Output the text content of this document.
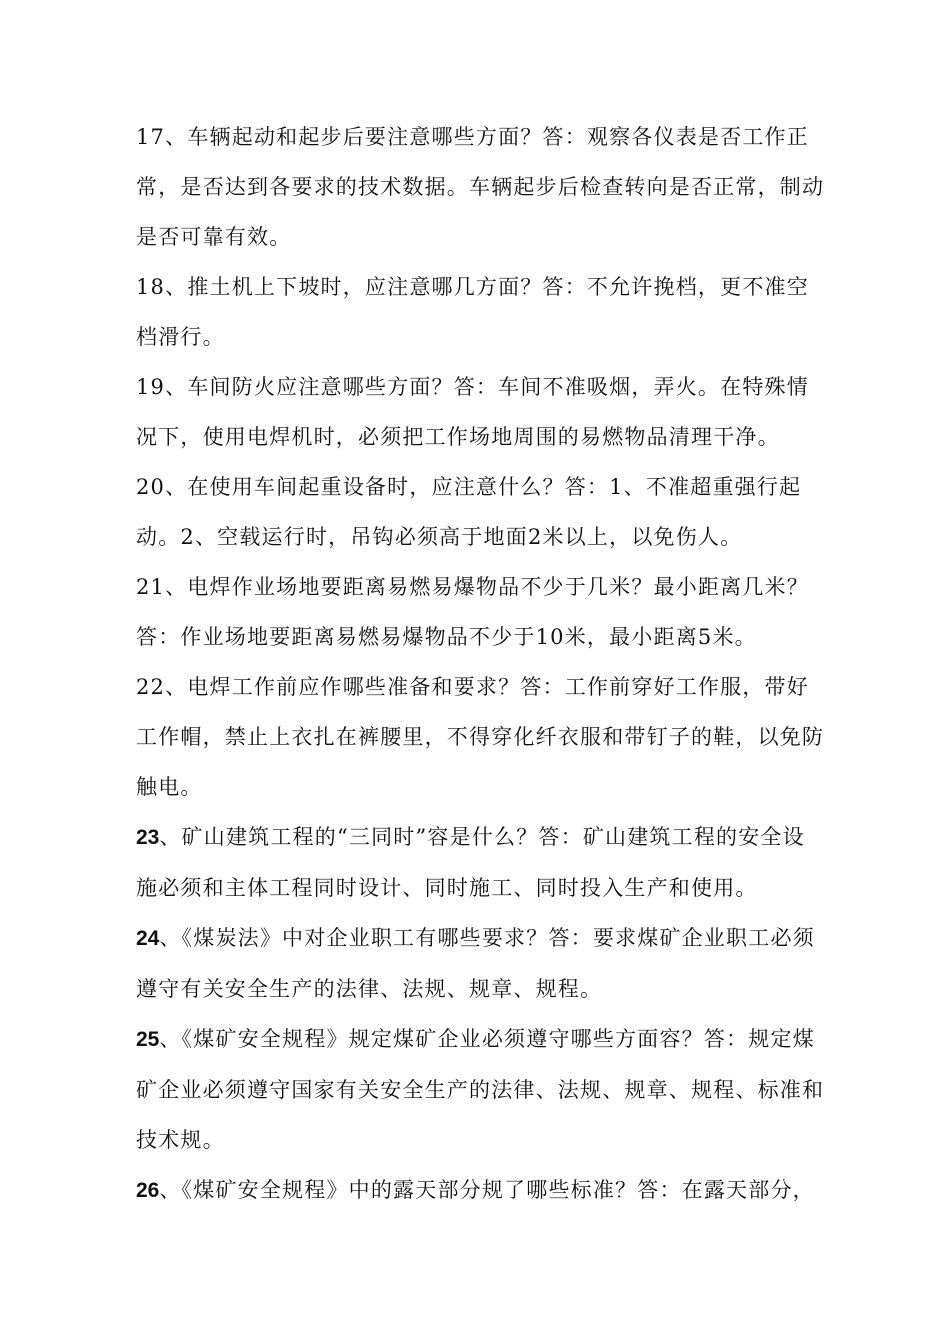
17、车辆起动和起步后要注意哪些方面？答：观察各仪表是否工作正常，是否达到各要求的技术数据。车辆起步后检查转向是否正常，制动是否可靠有效。

18、推土机上下坡时，应注意哪几方面？答：不允许挽档，更不准空档滑行。

19、车间防火应注意哪些方面？答：车间不准吸烟，弄火。在特殊情况下，使用电焊机时，必须把工作场地周围的易燃物品清理干净。

20、在使用车间起重设备时，应注意什么？答：1、不准超重强行起动。2、空载运行时，吊钩必须高于地面2米以上，以免伤人。

21、电焊作业场地要距离易燃易爆物品不少于几米？最小距离几米？答：作业场地要距离易燃易爆物品不少于10米，最小距离5米。

22、电焊工作前应作哪些准备和要求？答：工作前穿好工作服，带好工作帽，禁止上衣扎在裤腰里，不得穿化纤衣服和带钉子的鞋，以免防触电。

23、矿山建筑工程的“三同时”容是什么？答：矿山建筑工程的安全设施必须和主体工程同时设计、同时施工、同时投入生产和使用。

24、《煤炭法》中对企业职工有哪些要求？答：要求煤矿企业职工必须遵守有关安全生产的法律、法规、规章、规程。

25、《煤矿安全规程》规定煤矿企业必须遵守哪些方面容？答：规定煤矿企业必须遵守国家有关安全生产的法律、法规、规章、规程、标准和技术规。

26、《煤矿安全规程》中的露天部分规了哪些标准？答：在露天部分，
